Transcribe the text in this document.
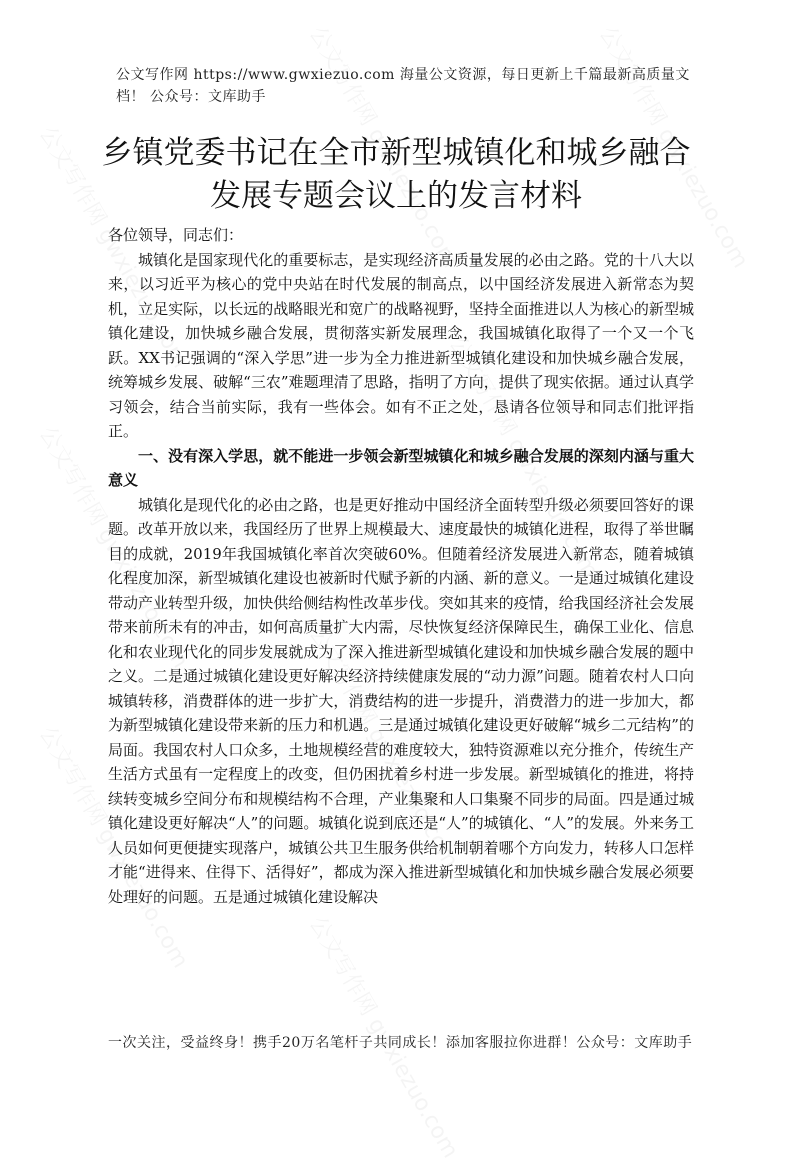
公文写作网 https://www.gwxiezuo.com 海量公文资源，每日更新上千篇最新高质量文档！ 公众号：文库助手
乡镇党委书记在全市新型城镇化和城乡融合发展专题会议上的发言材料

各位领导，同志们：

城镇化是国家现代化的重要标志，是实现经济高质量发展的必由之路。党的十八大以来，以习近平为核心的党中央站在时代发展的制高点，以中国经济发展进入新常态为契机，立足实际，以长远的战略眼光和宽广的战略视野，坚持全面推进以人为核心的新型城镇化建设，加快城乡融合发展，贯彻落实新发展理念，我国城镇化取得了一个又一个飞跃。XX书记强调的“深入学思”进一步为全力推进新型城镇化建设和加快城乡融合发展，统筹城乡发展、破解“三农”难题理清了思路，指明了方向，提供了现实依据。通过认真学习领会，结合当前实际，我有一些体会。如有不正之处，恳请各位领导和同志们批评指正。

一、没有深入学思，就不能进一步领会新型城镇化和城乡融合发展的深刻内涵与重大意义

城镇化是现代化的必由之路，也是更好推动中国经济全面转型升级必须要回答好的课题。改革开放以来，我国经历了世界上规模最大、速度最快的城镇化进程，取得了举世瞩目的成就，2019年我国城镇化率首次突破60%。但随着经济发展进入新常态，随着城镇化程度加深，新型城镇化建设也被新时代赋予新的内涵、新的意义。一是通过城镇化建设带动产业转型升级，加快供给侧结构性改革步伐。突如其来的疫情，给我国经济社会发展带来前所未有的冲击，如何高质量扩大内需，尽快恢复经济保障民生，确保工业化、信息化和农业现代化的同步发展就成为了深入推进新型城镇化建设和加快城乡融合发展的题中之义。二是通过城镇化建设更好解决经济持续健康发展的“动力源”问题。随着农村人口向城镇转移，消费群体的进一步扩大，消费结构的进一步提升，消费潜力的进一步加大，都为新型城镇化建设带来新的压力和机遇。三是通过城镇化建设更好破解“城乡二元结构”的局面。我国农村人口众多，土地规模经营的难度较大，独特资源难以充分推介，传统生产生活方式虽有一定程度上的改变，但仍困扰着乡村进一步发展。新型城镇化的推进，将持续转变城乡空间分布和规模结构不合理，产业集聚和人口集聚不同步的局面。四是通过城镇化建设更好解决“人”的问题。城镇化说到底还是“人”的城镇化、“人”的发展。外来务工人员如何更便捷实现落户，城镇公共卫生服务供给机制朝着哪个方向发力，转移人口怎样才能“进得来、住得下、活得好”，都成为深入推进新型城镇化和加快城乡融合发展必须要处理好的问题。五是通过城镇化建设解决

一次关注，受益终身！携手20万名笔杆子共同成长！添加客服拉你进群！公众号：文库助手
